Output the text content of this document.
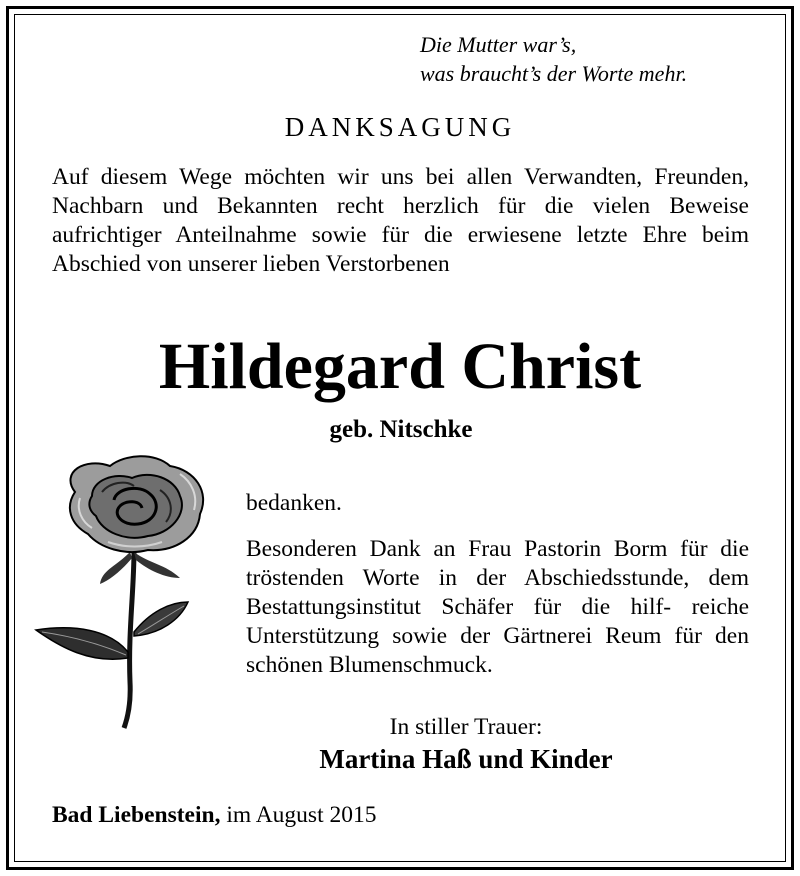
Die Mutter war’s,
was braucht’s der Worte mehr.
DANKSAGUNG
Auf diesem Wege möchten wir uns bei allen Verwandten, Freunden, Nachbarn und Bekannten recht herzlich für die vielen Beweise aufrichtiger Anteilnahme sowie für die erwiesene letzte Ehre beim Abschied von unserer lieben Verstorbenen
Hildegard Christ
geb. Nitschke
bedanken.
Besonderen Dank an Frau Pastorin Borm für die tröstenden Worte in der Abschiedsstunde, dem Bestattungsinstitut Schäfer für die hilf- reiche Unterstützung sowie der Gärtnerei Reum für den schönen Blumenschmuck.
In stiller Trauer:
Martina Haß und Kinder
Bad Liebenstein, im August 2015
